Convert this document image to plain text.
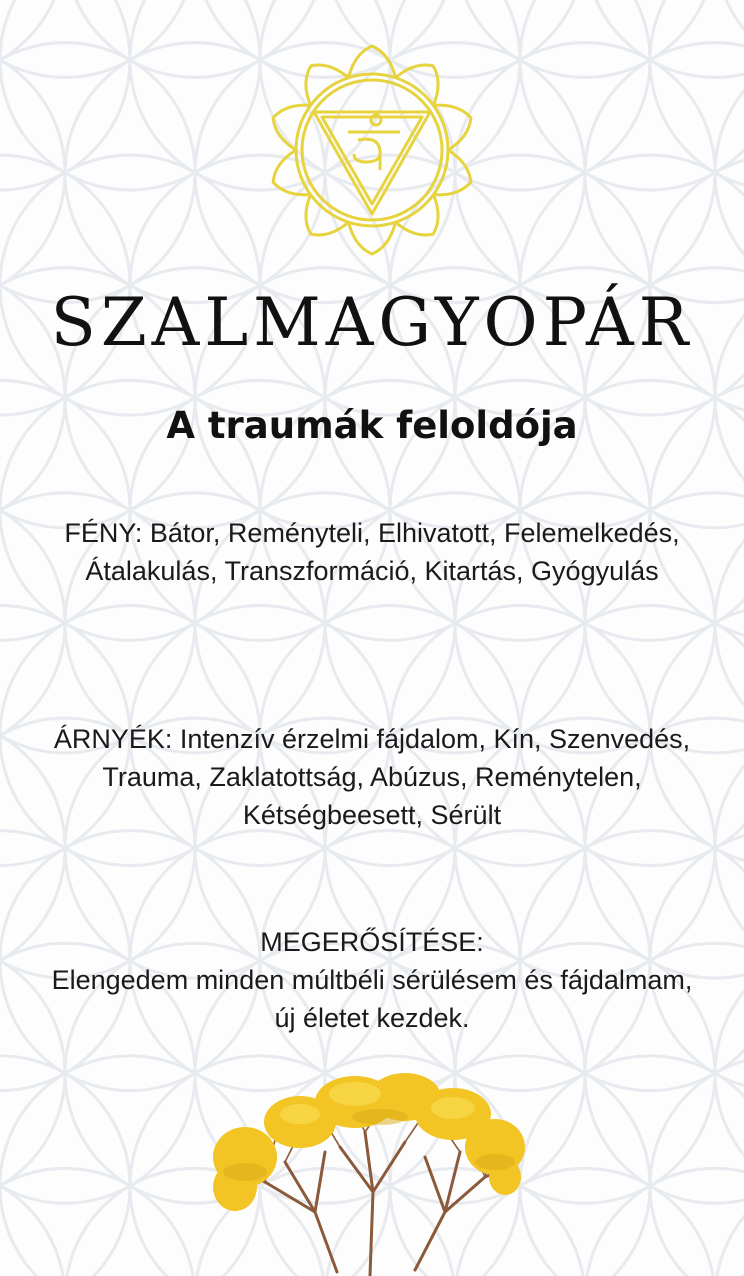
SZALMAGYOPÁR
A traumák feloldója

FÉNY: Bátor, Reményteli, Elhivatott, Felemelkedés, Átalakulás, Transzformáció, Kitartás, Gyógyulás

ÁRNYÉK: Intenzív érzelmi fájdalom, Kín, Szenvedés, Trauma, Zaklatottság, Abúzus, Reménytelen, Kétségbeesett, Sérült

MEGERŐSÍTÉSE:

Elengedem minden múltbéli sérülésem és fájdalmam, új életet kezdek.
